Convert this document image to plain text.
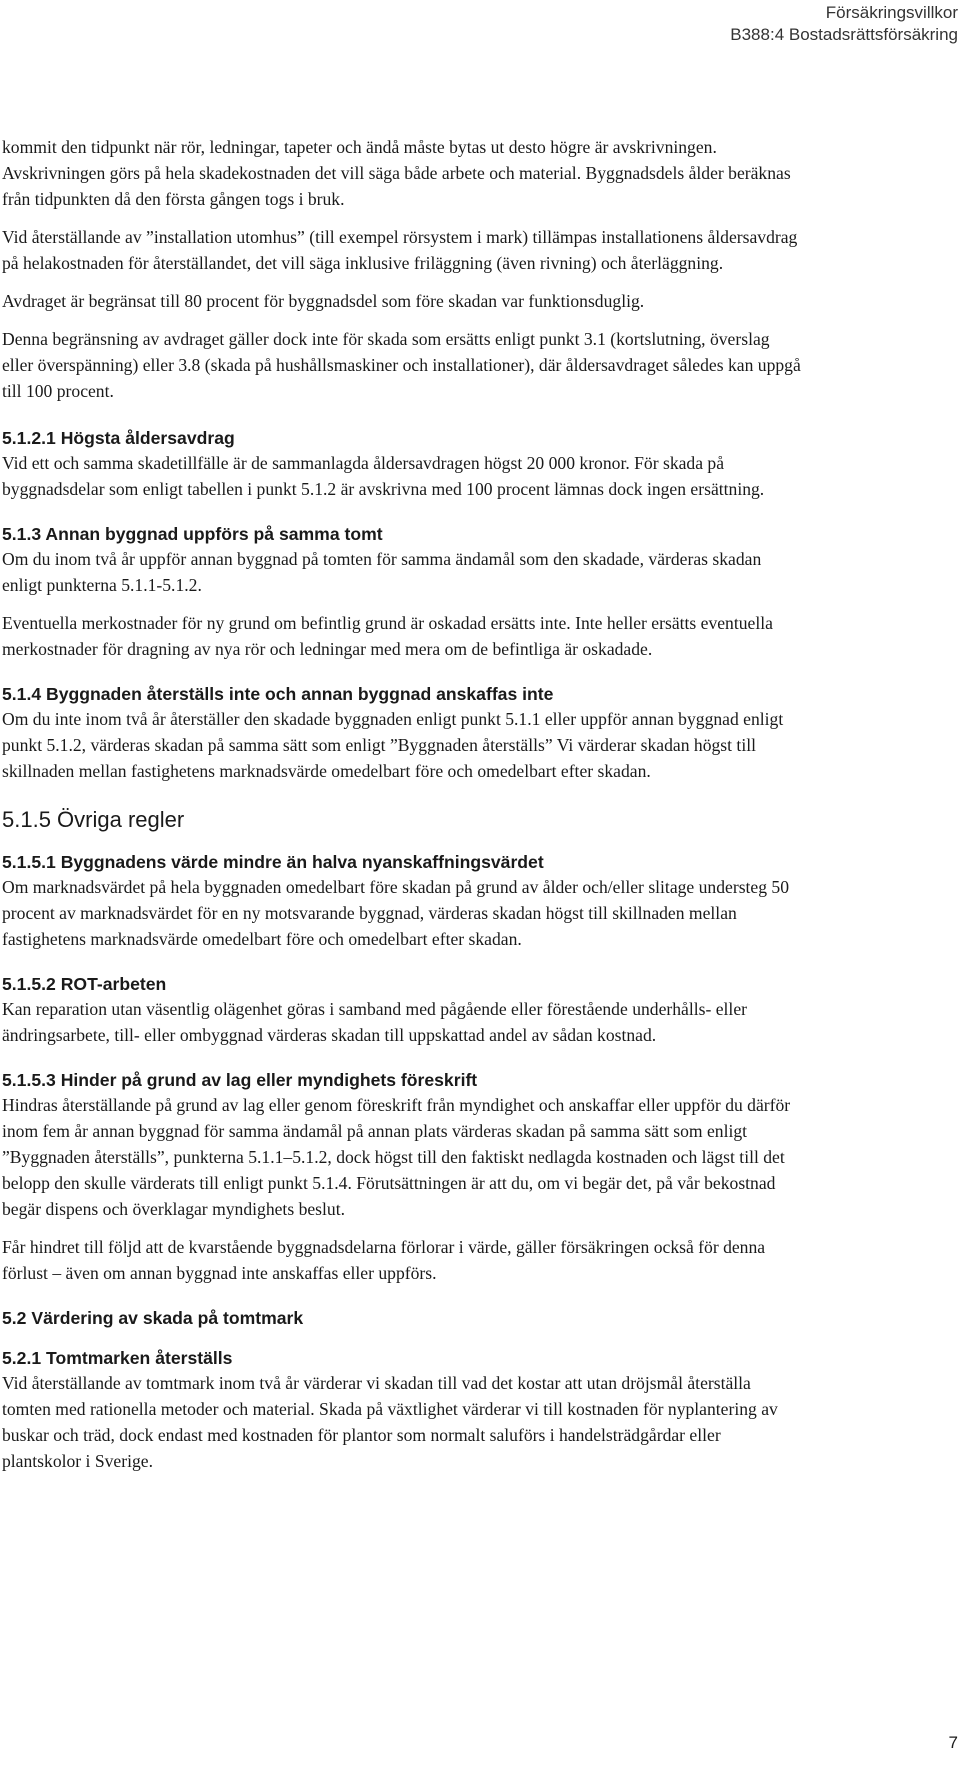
Försäkringsvillkor
B388:4 Bostadsrättsförsäkring

kommit den tidpunkt när rör, ledningar, tapeter och ändå måste bytas ut desto högre är avskrivningen. Avskrivningen görs på hela skadekostnaden det vill säga både arbete och material. Byggnadsdels ålder beräknas från tidpunkten då den första gången togs i bruk.

Vid återställande av ”installation utomhus” (till exempel rörsystem i mark) tillämpas installationens åldersavdrag på helakostnaden för återställandet, det vill säga inklusive friläggning (även rivning) och återläggning.

Avdraget är begränsat till 80 procent för byggnadsdel som före skadan var funktionsduglig.

Denna begränsning av avdraget gäller dock inte för skada som ersätts enligt punkt 3.1 (kortslutning, överslag eller överspänning) eller 3.8 (skada på hushållsmaskiner och installationer), där åldersavdraget således kan uppgå till 100 procent.

5.1.2.1 Högsta åldersavdrag

Vid ett och samma skadetillfälle är de sammanlagda åldersavdragen högst 20 000 kronor. För skada på byggnadsdelar som enligt tabellen i punkt 5.1.2 är avskrivna med 100 procent lämnas dock ingen ersättning.

5.1.3 Annan byggnad uppförs på samma tomt

Om du inom två år uppför annan byggnad på tomten för samma ändamål som den skadade, värderas skadan enligt punkterna 5.1.1-5.1.2.

Eventuella merkostnader för ny grund om befintlig grund är oskadad ersätts inte. Inte heller ersätts eventuella merkostnader för dragning av nya rör och ledningar med mera om de befintliga är oskadade.

5.1.4 Byggnaden återställs inte och annan byggnad anskaffas inte

Om du inte inom två år återställer den skadade byggnaden enligt punkt 5.1.1 eller uppför annan byggnad enligt punkt 5.1.2, värderas skadan på samma sätt som enligt ”Byggnaden återställs” Vi värderar skadan högst till skillnaden mellan fastighetens marknadsvärde omedelbart före och omedelbart efter skadan.

5.1.5 Övriga regler
5.1.5.1 Byggnadens värde mindre än halva nyanskaffningsvärdet

Om marknadsvärdet på hela byggnaden omedelbart före skadan på grund av ålder och/eller slitage understeg 50 procent av marknadsvärdet för en ny motsvarande byggnad, värderas skadan högst till skillnaden mellan fastighetens marknadsvärde omedelbart före och omedelbart efter skadan.

5.1.5.2 ROT-arbeten

Kan reparation utan väsentlig olägenhet göras i samband med pågående eller förestående underhålls- eller ändringsarbete, till- eller ombyggnad värderas skadan till uppskattad andel av sådan kostnad.

5.1.5.3 Hinder på grund av lag eller myndighets föreskrift

Hindras återställande på grund av lag eller genom föreskrift från myndighet och anskaffar eller uppför du därför inom fem år annan byggnad för samma ändamål på annan plats värderas skadan på samma sätt som enligt ”Byggnaden återställs”, punkterna 5.1.1–5.1.2, dock högst till den faktiskt nedlagda kostnaden och lägst till det belopp den skulle värderats till enligt punkt 5.1.4. Förutsättningen är att du, om vi begär det, på vår bekostnad begär dispens och överklagar myndighets beslut.

Får hindret till följd att de kvarstående byggnadsdelarna förlorar i värde, gäller försäkringen också för denna förlust – även om annan byggnad inte anskaffas eller uppförs.

5.2 Värdering av skada på tomtmark
5.2.1 Tomtmarken återställs

Vid återställande av tomtmark inom två år värderar vi skadan till vad det kostar att utan dröjsmål återställa tomten med rationella metoder och material. Skada på växtlighet värderar vi till kostnaden för nyplantering av buskar och träd, dock endast med kostnaden för plantor som normalt saluförs i handelsträdgårdar eller plantskolor i Sverige.

7
